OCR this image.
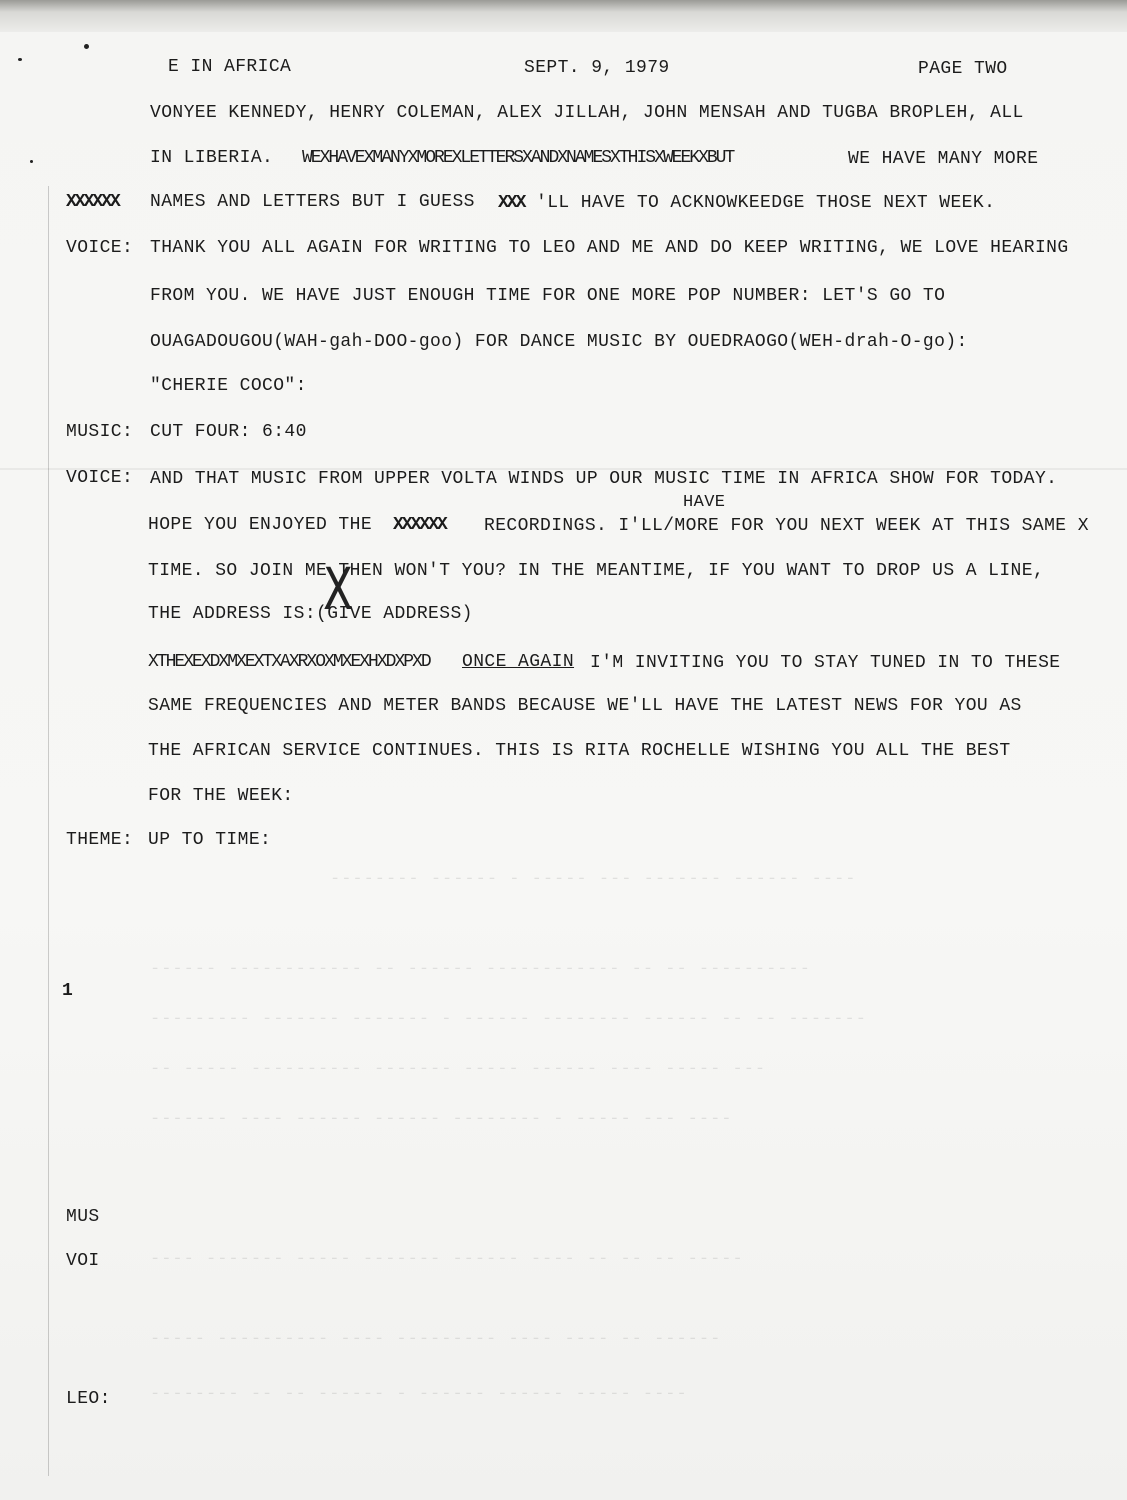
-------- ------ - ----- --- ------- ------ ----
------ ------------ -- ------ ------------ -- -- ----------
--------- ------- ------- - ------ -------- ------ -- -- -------
-- ----- ---------- ------- ----- ------ ---- ----- ---
------- ---- ------ ------ -------- - ----- --- ----
---- ------- ----- ------- ------ ---- -- -- -- -----
----- ---------- ---- --------- ---- ---- -- ------
-------- -- -- ------ - ------ ------ ----- ----
E IN AFRICA	SEPT. 9, 1979	PAGE TWO
VONYEE KENNEDY, HENRY COLEMAN, ALEX JILLAH, JOHN MENSAH AND TUGBA BROPLEH, ALL
IN LIBERIA. WEXHAVEXMANYXMOREXLETTERSXANDXNAMESXTHISXWEEKXBUT	WE HAVE MANY MORE
XXXXXX NAMES AND LETTERS BUT I GUESS XXX 'LL HAVE TO ACKNOWKEEDGE THOSE NEXT WEEK.
VOICE: THANK YOU ALL AGAIN FOR WRITING TO LEO AND ME AND DO KEEP WRITING, WE LOVE HEARING
FROM YOU. WE HAVE JUST ENOUGH TIME FOR ONE MORE POP NUMBER: LET'S GO TO
OUAGADOUGOU(WAH-gah-DOO-goo) FOR DANCE MUSIC BY OUEDRAOGO(WEH-drah-O-go):
"CHERIE COCO":
MUSIC: CUT FOUR: 6:40
VOICE: AND THAT MUSIC FROM UPPER VOLTA WINDS UP OUR MUSIC TIME IN AFRICA SHOW FOR TODAY.
HAVE
HOPE YOU ENJOYED THE XXXXXX RECORDINGS. I'LL/MORE FOR YOU NEXT WEEK AT THIS SAME X
TIME. SO JOIN ME THEN WON'T YOU? IN THE MEANTIME, IF YOU WANT TO DROP US A LINE,
THE ADDRESS IS:(GIVE ADDRESS)
X
XTHEXEXDXMXEXTXAXRXOXMXEXHXDXPXD ONCE AGAIN I'M INVITING YOU TO STAY TUNED IN TO THESE
SAME FREQUENCIES AND METER BANDS BECAUSE WE'LL HAVE THE LATEST NEWS FOR YOU AS
THE AFRICAN SERVICE CONTINUES. THIS IS RITA ROCHELLE WISHING YOU ALL THE BEST
FOR THE WEEK:
THEME: UP TO TIME:
1
MUS
VOI
LEO:
